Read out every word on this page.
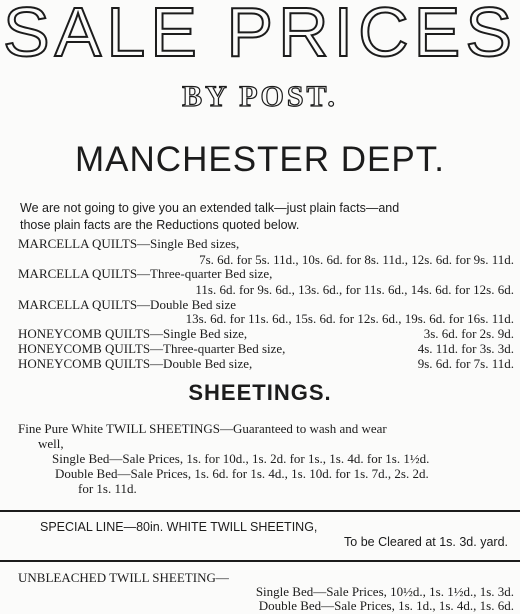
SALE PRICES
BY POST.
MANCHESTER DEPT.
We are not going to give you an extended talk—just plain facts—and
those plain facts are the Reductions quoted below.
MARCELLA QUILTS—Single Bed sizes,
7s. 6d. for 5s. 11d., 10s. 6d. for 8s. 11d., 12s. 6d. for 9s. 11d.
MARCELLA QUILTS—Three-quarter Bed size,
11s. 6d. for 9s. 6d., 13s. 6d., for 11s. 6d., 14s. 6d. for 12s. 6d.
MARCELLA QUILTS—Double Bed size
13s. 6d. for 11s. 6d., 15s. 6d. for 12s. 6d., 19s. 6d. for 16s. 11d.
HONEYCOMB QUILTS—Single Bed size,	3s. 6d. for 2s. 9d.
HONEYCOMB QUILTS—Three-quarter Bed size,	4s. 11d. for 3s. 3d.
HONEYCOMB QUILTS—Double Bed size,	9s. 6d. for 7s. 11d.
SHEETINGS.
Fine Pure White TWILL SHEETINGS—Guaranteed to wash and wear
well,
Single Bed—Sale Prices, 1s. for 10d., 1s. 2d. for 1s., 1s. 4d. for 1s. 1½d.
Double Bed—Sale Prices, 1s. 6d. for 1s. 4d., 1s. 10d. for 1s. 7d., 2s. 2d.
for 1s. 11d.
SPECIAL LINE—80in. WHITE TWILL SHEETING,
To be Cleared at 1s. 3d. yard.
UNBLEACHED TWILL SHEETING—
Single Bed—Sale Prices, 10½d., 1s. 1½d., 1s. 3d.
Double Bed—Sale Prices, 1s. 1d., 1s. 4d., 1s. 6d.
